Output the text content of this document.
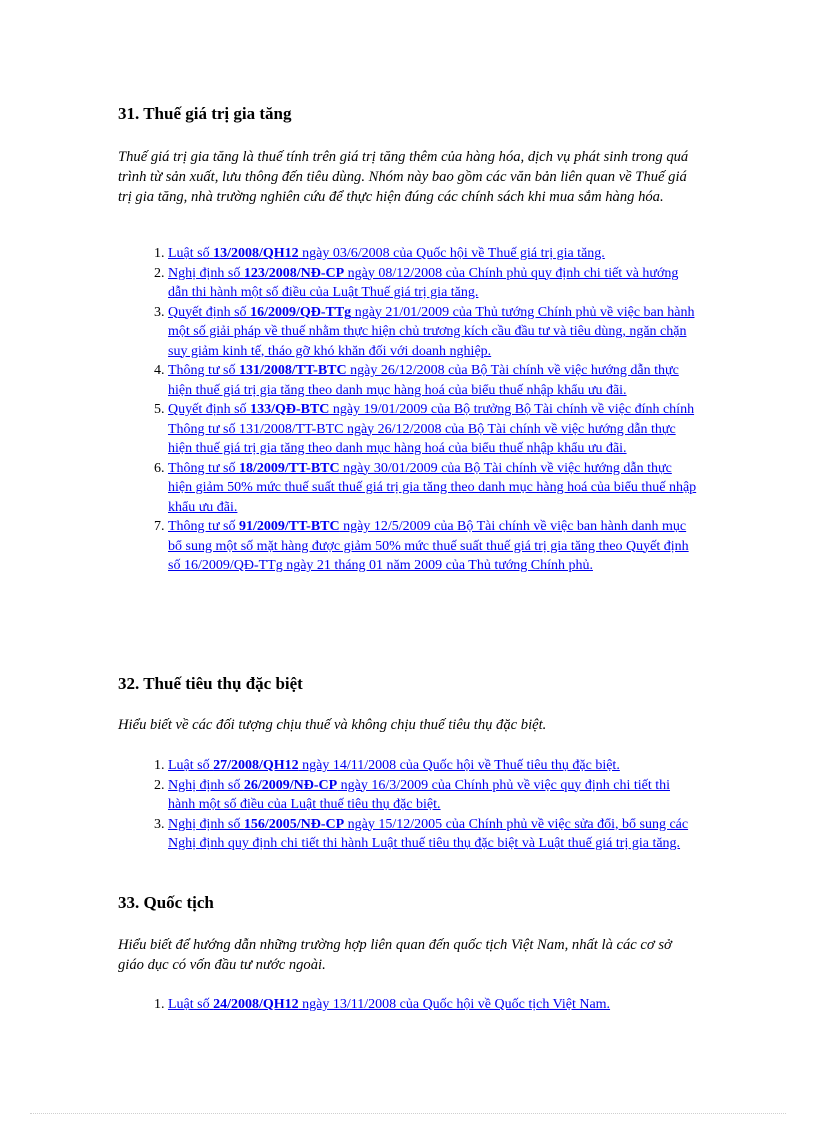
31. Thuế giá trị gia tăng

Thuế giá trị gia tăng là thuế tính trên giá trị tăng thêm của hàng hóa, dịch vụ phát sinh trong quá trình từ sản xuất, lưu thông đến tiêu dùng. Nhóm này bao gồm các văn bản liên quan về Thuế giá trị gia tăng, nhà trường nghiên cứu để thực hiện đúng các chính sách khi mua sắm hàng hóa.

1. Luật số 13/2008/QH12 ngày 03/6/2008 của Quốc hội về Thuế giá trị gia tăng.
2. Nghị định số 123/2008/NĐ-CP ngày 08/12/2008 của Chính phủ quy định chi tiết và hướng dẫn thi hành một số điều của Luật Thuế giá trị gia tăng.
3. Quyết định số 16/2009/QĐ-TTg ngày 21/01/2009 của Thủ tướng Chính phủ về việc ban hành một số giải pháp về thuế nhằm thực hiện chủ trương kích cầu đầu tư và tiêu dùng, ngăn chặn suy giảm kinh tế, tháo gỡ khó khăn đối với doanh nghiệp.
4. Thông tư số 131/2008/TT-BTC ngày 26/12/2008 của Bộ Tài chính về việc hướng dẫn thực hiện thuế giá trị gia tăng theo danh mục hàng hoá của biểu thuế nhập khẩu ưu đãi.
5. Quyết định số 133/QĐ-BTC ngày 19/01/2009 của Bộ trưởng Bộ Tài chính về việc đính chính Thông tư số 131/2008/TT-BTC ngày 26/12/2008 của Bộ Tài chính về việc hướng dẫn thực hiện thuế giá trị gia tăng theo danh mục hàng hoá của biểu thuế nhập khẩu ưu đãi.
6. Thông tư số 18/2009/TT-BTC ngày 30/01/2009 của Bộ Tài chính về việc hướng dẫn thực hiện giảm 50% mức thuế suất thuế giá trị gia tăng theo danh mục hàng hoá của biểu thuế nhập khẩu ưu đãi.
7. Thông tư số 91/2009/TT-BTC ngày 12/5/2009 của Bộ Tài chính về việc ban hành danh mục bổ sung một số mặt hàng được giảm 50% mức thuế suất thuế giá trị gia tăng theo Quyết định số 16/2009/QĐ-TTg ngày 21 tháng 01 năm 2009 của Thủ tướng Chính phủ.
32. Thuế tiêu thụ đặc biệt

Hiểu biết về các đối tượng chịu thuế và không chịu thuế tiêu thụ đặc biệt.

1. Luật số 27/2008/QH12 ngày 14/11/2008 của Quốc hội về Thuế tiêu thụ đặc biệt.
2. Nghị định số 26/2009/NĐ-CP ngày 16/3/2009 của Chính phủ về việc quy định chi tiết thi hành một số điều của Luật thuế tiêu thụ đặc biệt.
3. Nghị định số 156/2005/NĐ-CP ngày 15/12/2005 của Chính phủ về việc sửa đổi, bổ sung các Nghị định quy định chi tiết thi hành Luật thuế tiêu thụ đặc biệt và Luật thuế giá trị gia tăng.
33. Quốc tịch

Hiểu biết để hướng dẫn những trường hợp liên quan đến quốc tịch Việt Nam, nhất là các cơ sở giáo dục có vốn đầu tư nước ngoài.

1. Luật số 24/2008/QH12 ngày 13/11/2008 của Quốc hội về Quốc tịch Việt Nam.
